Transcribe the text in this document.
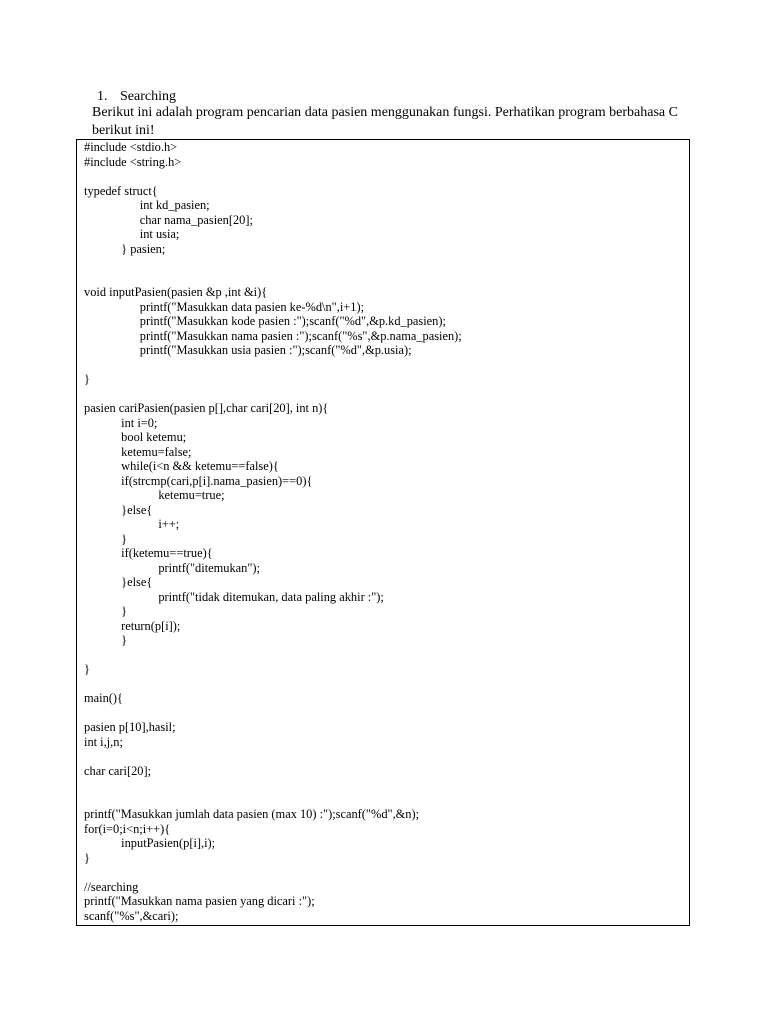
1. Searching
Berikut ini adalah program pencarian data pasien menggunakan fungsi. Perhatikan program berbahasa C berikut ini!
#include <stdio.h>
#include <string.h>

typedef struct{
			int kd_pasien;
			char nama_pasien[20];
			int usia;
		} pasien;

void inputPasien(pasien &p ,int &i){
			printf("Masukkan data pasien ke-%d\n",i+1);
			printf("Masukkan kode pasien :");scanf("%d",&p.kd_pasien);
			printf("Masukkan nama pasien :");scanf("%s",&p.nama_pasien);
			printf("Masukkan usia pasien :");scanf("%d",&p.usia);

}

pasien cariPasien(pasien p[],char cari[20], int n){
		int i=0;
		bool ketemu;
		ketemu=false;
		while(i<n && ketemu==false){
		if(strcmp(cari,p[i].nama_pasien)==0){
				ketemu=true;
		}else{
				i++;
		}
		if(ketemu==true){
				printf("ditemukan");
		}else{
				printf("tidak ditemukan, data paling akhir :");
		}
		return(p[i]);
		}

}

main(){

pasien p[10],hasil;
int i,j,n;

char cari[20];

printf("Masukkan jumlah data pasien (max 10) :");scanf("%d",&n);
for(i=0;i<n;i++){
		inputPasien(p[i],i);
}

//searching
printf("Masukkan nama pasien yang dicari :");
scanf("%s",&cari);
